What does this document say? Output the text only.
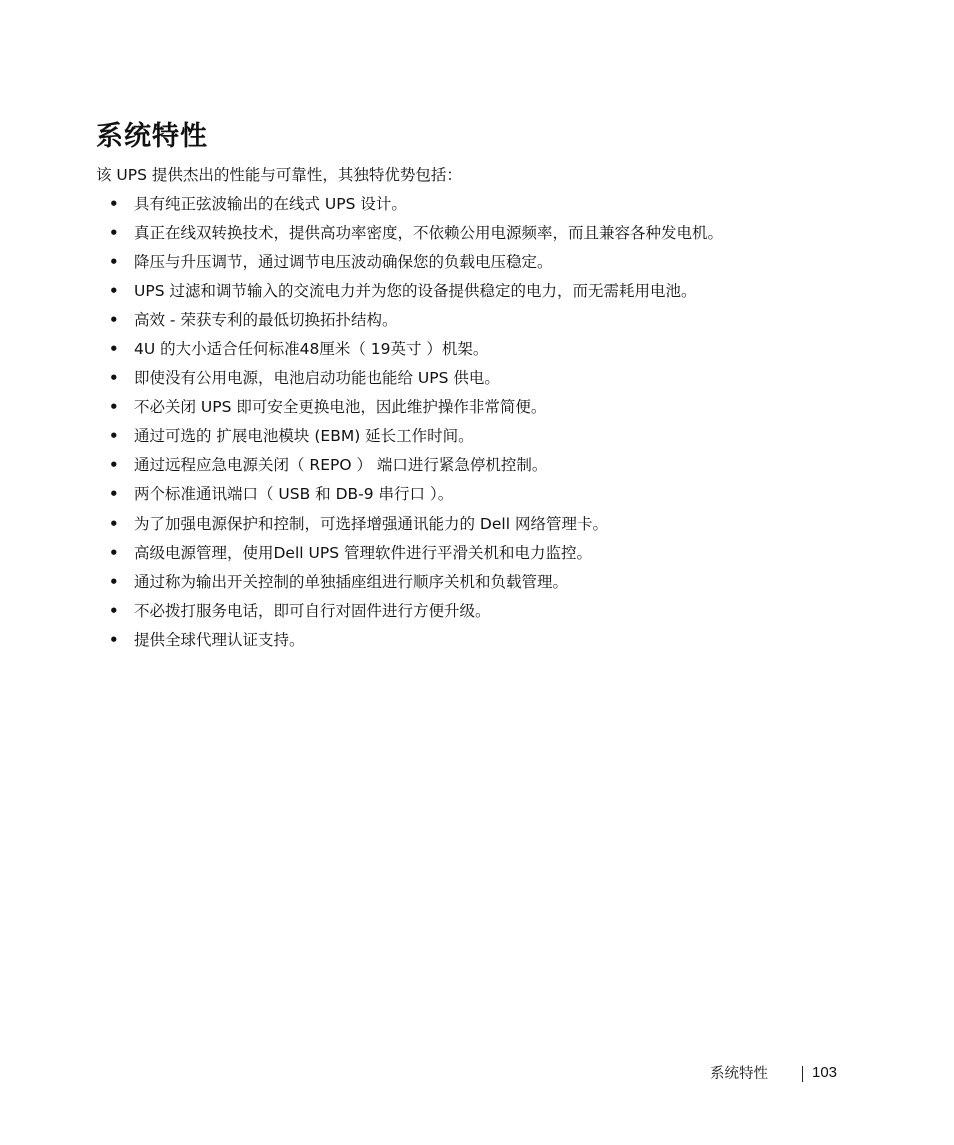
系统特性

该 UPS 提供杰出的性能与可靠性，其独特优势包括：

• 具有纯正弦波输出的在线式 UPS 设计。
• 真正在线双转换技术，提供高功率密度，不依赖公用电源频率，而且兼容各种发电机。
• 降压与升压调节，通过调节电压波动确保您的负载电压稳定。
• UPS 过滤和调节输入的交流电力并为您的设备提供稳定的电力，而无需耗用电池。
• 高效 - 荣获专利的最低切换拓扑结构。
• 4U 的大小适合任何标准48厘米（ 19英寸 ）机架。
• 即使没有公用电源，电池启动功能也能给 UPS 供电。
• 不必关闭 UPS 即可安全更换电池，因此维护操作非常简便。
• 通过可选的 扩展电池模块 (EBM) 延长工作时间。
• 通过远程应急电源关闭（ REPO ） 端口进行紧急停机控制。
• 两个标准通讯端口（ USB 和 DB-9 串行口 ）。
• 为了加强电源保护和控制，可选择增强通讯能力的 Dell 网络管理卡。
• 高级电源管理，使用Dell UPS 管理软件进行平滑关机和电力监控。
• 通过称为输出开关控制的单独插座组进行顺序关机和负载管理。
• 不必拨打服务电话，即可自行对固件进行方便升级。
• 提供全球代理认证支持。
系统特性	103
